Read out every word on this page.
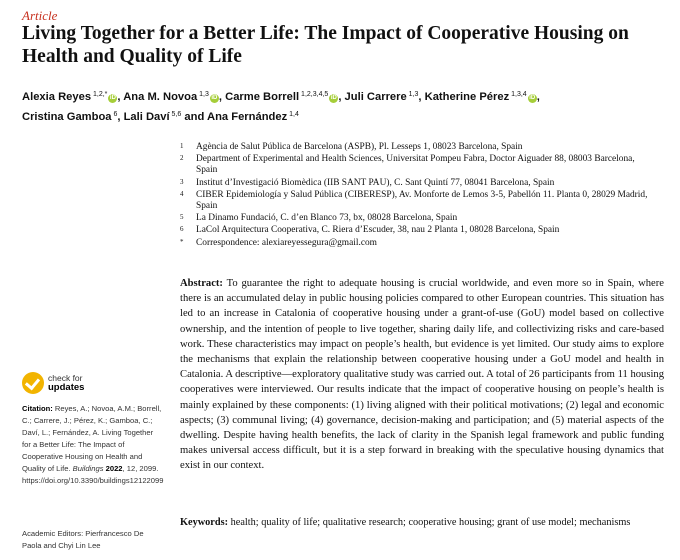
Article
Living Together for a Better Life: The Impact of Cooperative Housing on Health and Quality of Life
Alexia Reyes $^{1,2,*}$ iD , Ana M. Novoa $^{1,3}$ iD , Carme Borrell $^{1,2,3,4,5}$ iD , Juli Carrere $^{1,3}$, Katherine Pérez $^{1,3,4}$ iD ,
Cristina Gamboa $^6$, Lali Daví $^{5,6}$ and Ana Fernández $^{1,4}$
1	Agència de Salut Pública de Barcelona (ASPB), Pl. Lesseps 1, 08023 Barcelona, Spain
2	Department of Experimental and Health Sciences, Universitat Pompeu Fabra, Doctor Aiguader 88, 08003 Barcelona, Spain
3	Institut d’Investigació Biomèdica (IIB SANT PAU), C. Sant Quintí 77, 08041 Barcelona, Spain
4	CIBER Epidemiología y Salud Pública (CIBERESP), Av. Monforte de Lemos 3-5, Pabellón 11. Planta 0, 28029 Madrid, Spain
5	La Dinamo Fundació, C. d’en Blanco 73, bx, 08028 Barcelona, Spain
6	LaCol Arquitectura Cooperativa, C. Riera d’Escuder, 38, nau 2 Planta 1, 08028 Barcelona, Spain
*	Correspondence: alexiareyessegura@gmail.com
Abstract: To guarantee the right to adequate housing is crucial worldwide, and even more so in Spain, where there is an accumulated delay in public housing policies compared to other European countries. This situation has led to an increase in Catalonia of cooperative housing under a grant-of-use (GoU) model based on collective ownership, and the intention of people to live together, sharing daily life, and collectivizing risks and care-based work. These characteristics may impact on people’s health, but evidence is yet limited. Our study aims to explore the mechanisms that explain the relationship between cooperative housing under a GoU model and health in Catalonia. A descriptive—exploratory qualitative study was carried out. A total of 26 participants from 11 housing cooperatives were interviewed. Our results indicate that the impact of cooperative housing on people’s health is mainly explained by these components: (1) living aligned with their political motivations; (2) legal and economic aspects; (3) communal living; (4) governance, decision-making and participation; and (5) material aspects of the dwelling. Despite having health benefits, the lack of clarity in the Spanish legal framework and public funding makes universal access difficult, but it is a step forward in breaking with the speculative housing dynamics that exist in our context.
Keywords: health; quality of life; qualitative research; cooperative housing; grant of use model; mechanisms
check for
updates
Citation: Reyes, A.; Novoa, A.M.; Borrell, C.; Carrere, J.; Pérez, K.; Gamboa, C.; Daví, L.; Fernández, A. Living Together for a Better Life: The Impact of Cooperative Housing on Health and Quality of Life. Buildings 2022, 12, 2099. https://doi.org/10.3390/buildings12122099
Academic Editors: Pierfrancesco De Paola and Chyi Lin Lee
